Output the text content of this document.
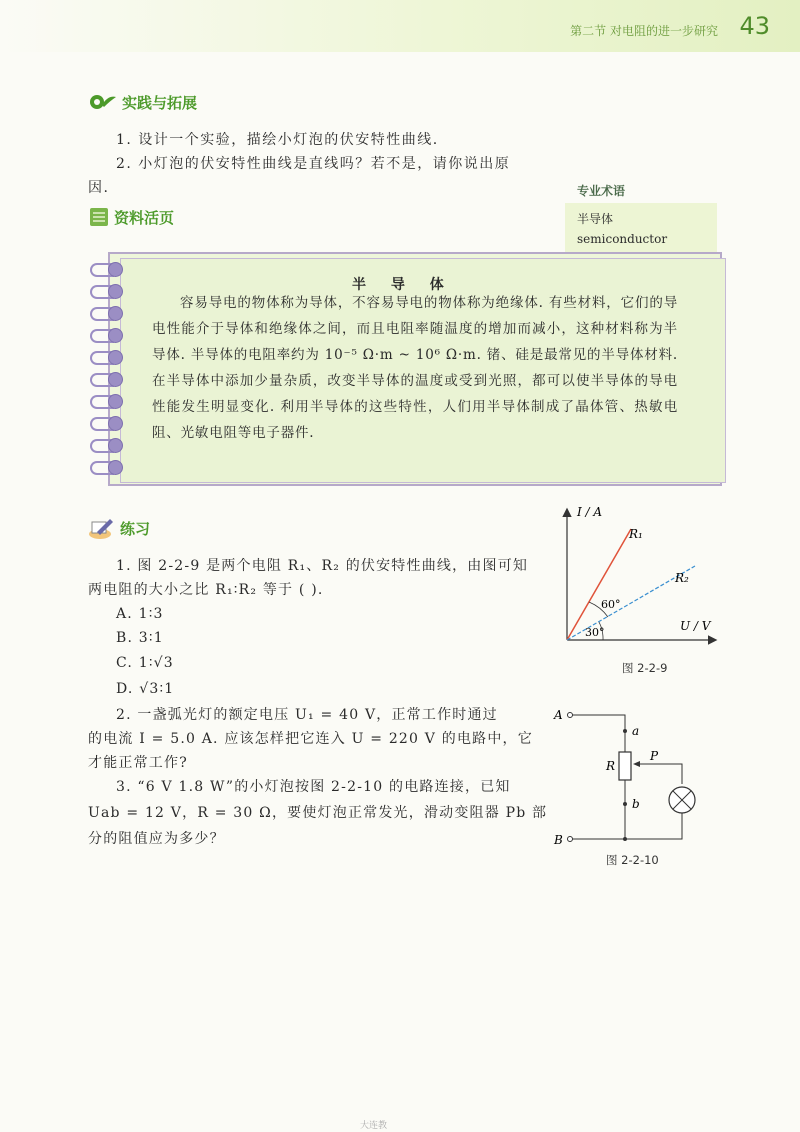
第二节 对电阻的进一步研究 43
实践与拓展
1. 设计一个实验，描绘小灯泡的伏安特性曲线.
2. 小灯泡的伏安特性曲线是直线吗？若不是，请你说出原
因.
资料活页
专业术语
半导体
semiconductor
半 导 体
容易导电的物体称为导体，不容易导电的物体称为绝缘体. 有些材料，它们的导电性能介于导体和绝缘体之间，而且电阻率随温度的增加而减小，这种材料称为半导体. 半导体的电阻率约为 10⁻⁵ Ω·m ~ 10⁶ Ω·m. 锗、硅是最常见的半导体材料. 在半导体中添加少量杂质，改变半导体的温度或受到光照，都可以使半导体的导电性能发生明显变化. 利用半导体的这些特性，人们用半导体制成了晶体管、热敏电阻、光敏电阻等电子器件.
练习
1. 图 2-2-9 是两个电阻 R₁、R₂ 的伏安特性曲线，由图可知
两电阻的大小之比 R₁∶R₂ 等于 ( ).
A. 1∶3
B. 3∶1
C. 1∶√3
D. √3∶1
2. 一盏弧光灯的额定电压 U₁ = 40 V，正常工作时通过
的电流 I = 5.0 A. 应该怎样把它连入 U = 220 V 的电路中，它
才能正常工作?
3. “6 V 1.8 W”的小灯泡按图 2-2-10 的电路连接，已知
Uab = 12 V，R = 30 Ω，要使灯泡正常发光，滑动变阻器 Pb 部
分的阻值应为多少？
I / A
U / V
R₁
R₂
60°
30°
图 2-2-9
A
a
R
P
b
B
图 2-2-10
大连教
